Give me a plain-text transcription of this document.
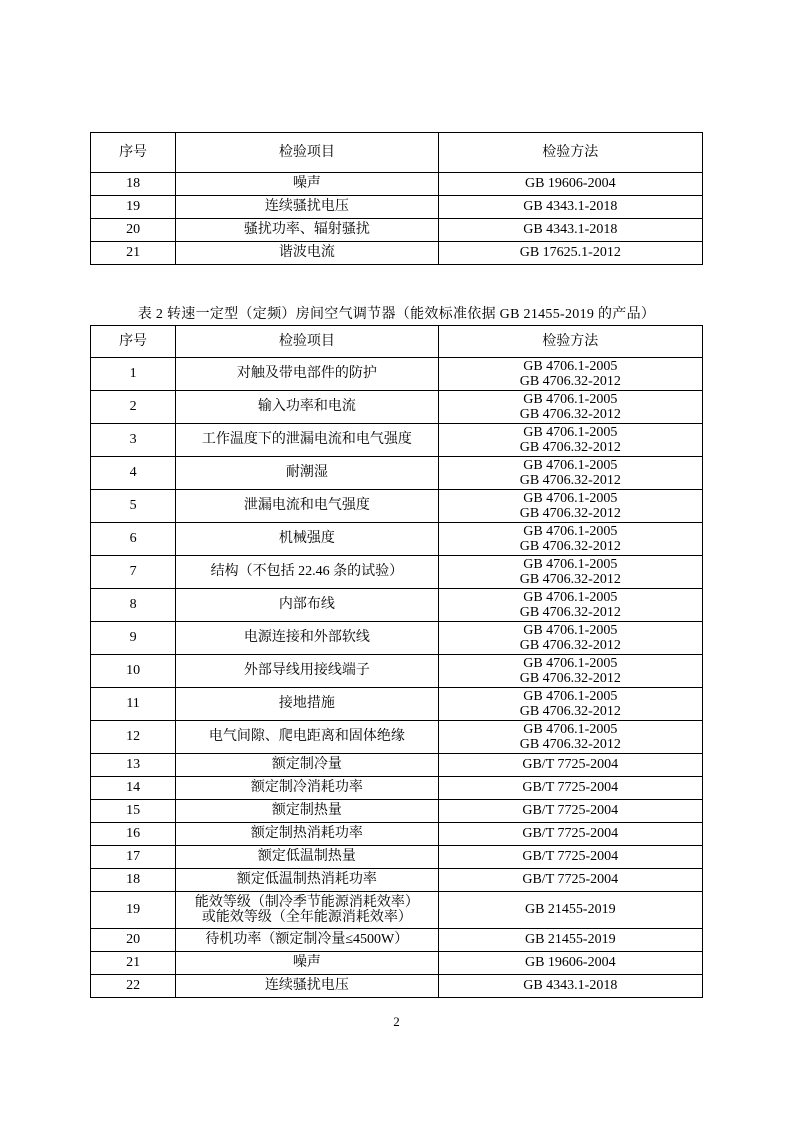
序号	检验项目	检验方法
18	噪声	GB 19606-2004
19	连续骚扰电压	GB 4343.1-2018
20	骚扰功率、辐射骚扰	GB 4343.1-2018
21	谐波电流	GB 17625.1-2012
表 2 转速一定型（定频）房间空气调节器（能效标准依据 GB 21455-2019 的产品）
序号	检验项目	检验方法
1	对触及带电部件的防护	GB 4706.1-2005
GB 4706.32-2012

2	输入功率和电流	GB 4706.1-2005
GB 4706.32-2012

3	工作温度下的泄漏电流和电气强度	GB 4706.1-2005
GB 4706.32-2012

4	耐潮湿	GB 4706.1-2005
GB 4706.32-2012

5	泄漏电流和电气强度	GB 4706.1-2005
GB 4706.32-2012

6	机械强度	GB 4706.1-2005
GB 4706.32-2012

7	结构（不包括 22.46 条的试验）	GB 4706.1-2005
GB 4706.32-2012

8	内部布线	GB 4706.1-2005
GB 4706.32-2012

9	电源连接和外部软线	GB 4706.1-2005
GB 4706.32-2012

10	外部导线用接线端子	GB 4706.1-2005
GB 4706.32-2012

11	接地措施	GB 4706.1-2005
GB 4706.32-2012

12	电气间隙、爬电距离和固体绝缘	GB 4706.1-2005
GB 4706.32-2012

13	额定制冷量	GB/T 7725-2004
14	额定制冷消耗功率	GB/T 7725-2004
15	额定制热量	GB/T 7725-2004
16	额定制热消耗功率	GB/T 7725-2004
17	额定低温制热量	GB/T 7725-2004
18	额定低温制热消耗功率	GB/T 7725-2004
19	能效等级（制冷季节能源消耗效率）
或能效等级（全年能源消耗效率）	GB 21455-2019
20	待机功率（额定制冷量≤4500W）	GB 21455-2019
21	噪声	GB 19606-2004
22	连续骚扰电压	GB 4343.1-2018
2
